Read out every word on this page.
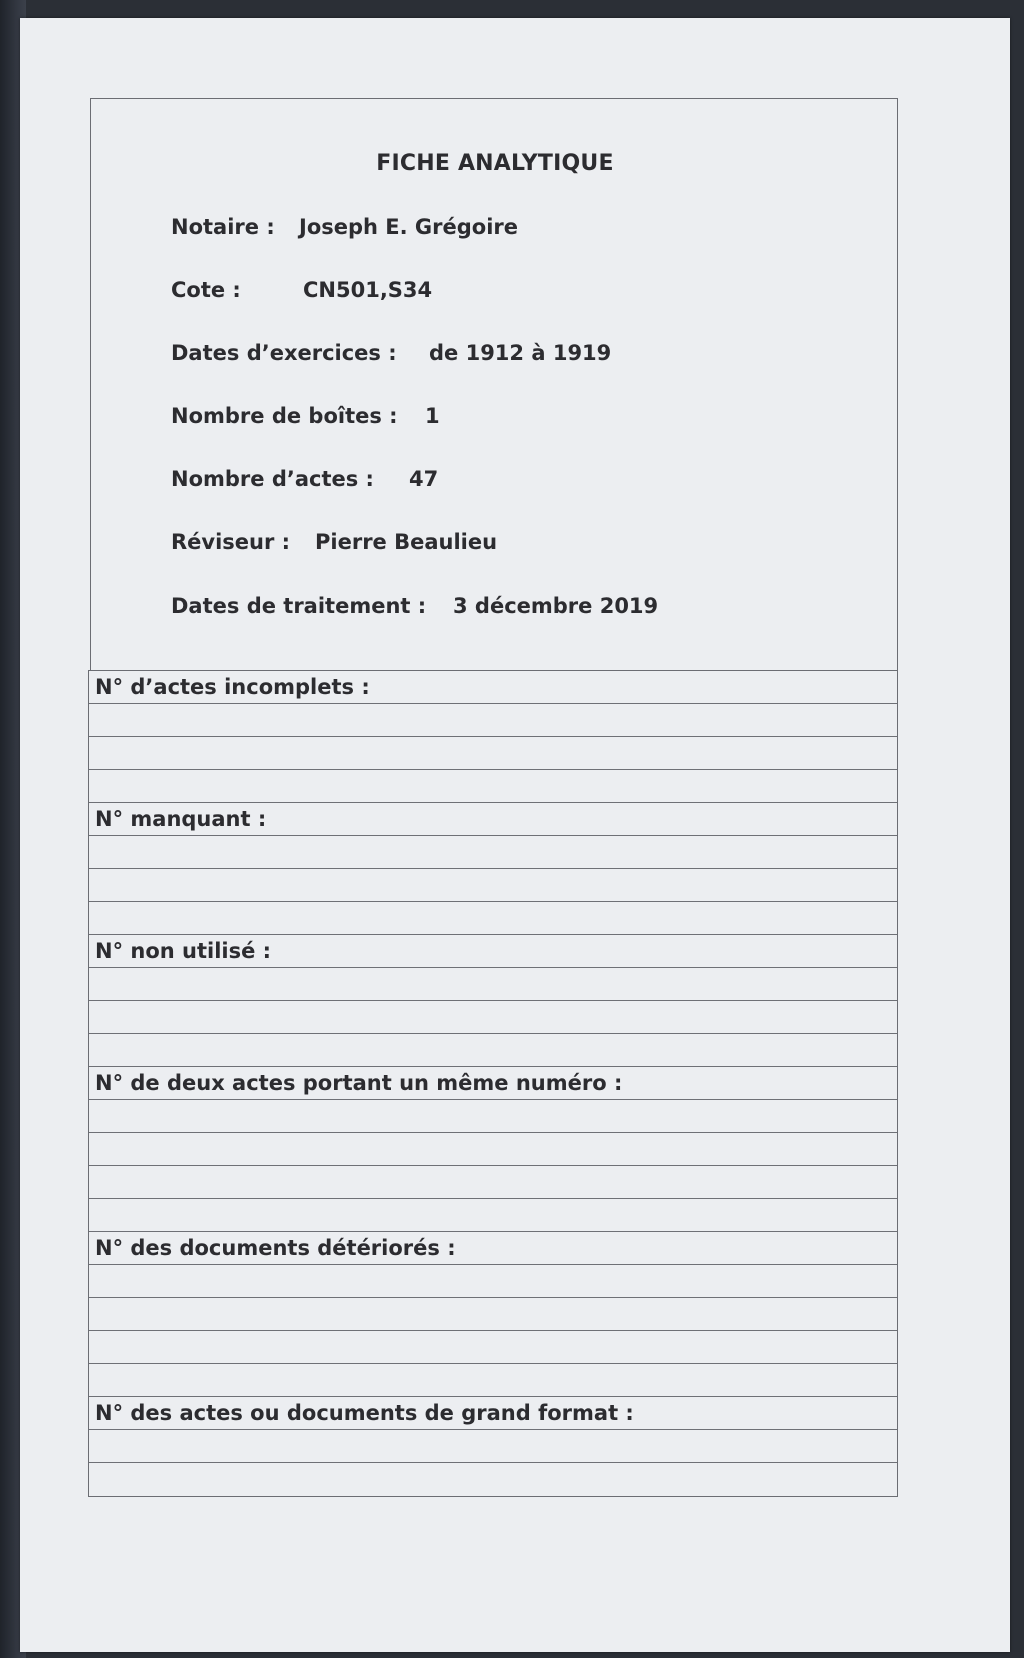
FICHE ANALYTIQUE
Notaire : Joseph E. Grégoire
Cote :	CN501,S34
Dates d’exercices : de 1912 à 1919
Nombre de boîtes : 1
Nombre d’actes : 47
Réviseur : Pierre Beaulieu
Dates de traitement : 3 décembre 2019
N° d’actes incomplets :
N° manquant :
N° non utilisé :
N° de deux actes portant un même numéro :
N° des documents détériorés :
N° des actes ou documents de grand format :
